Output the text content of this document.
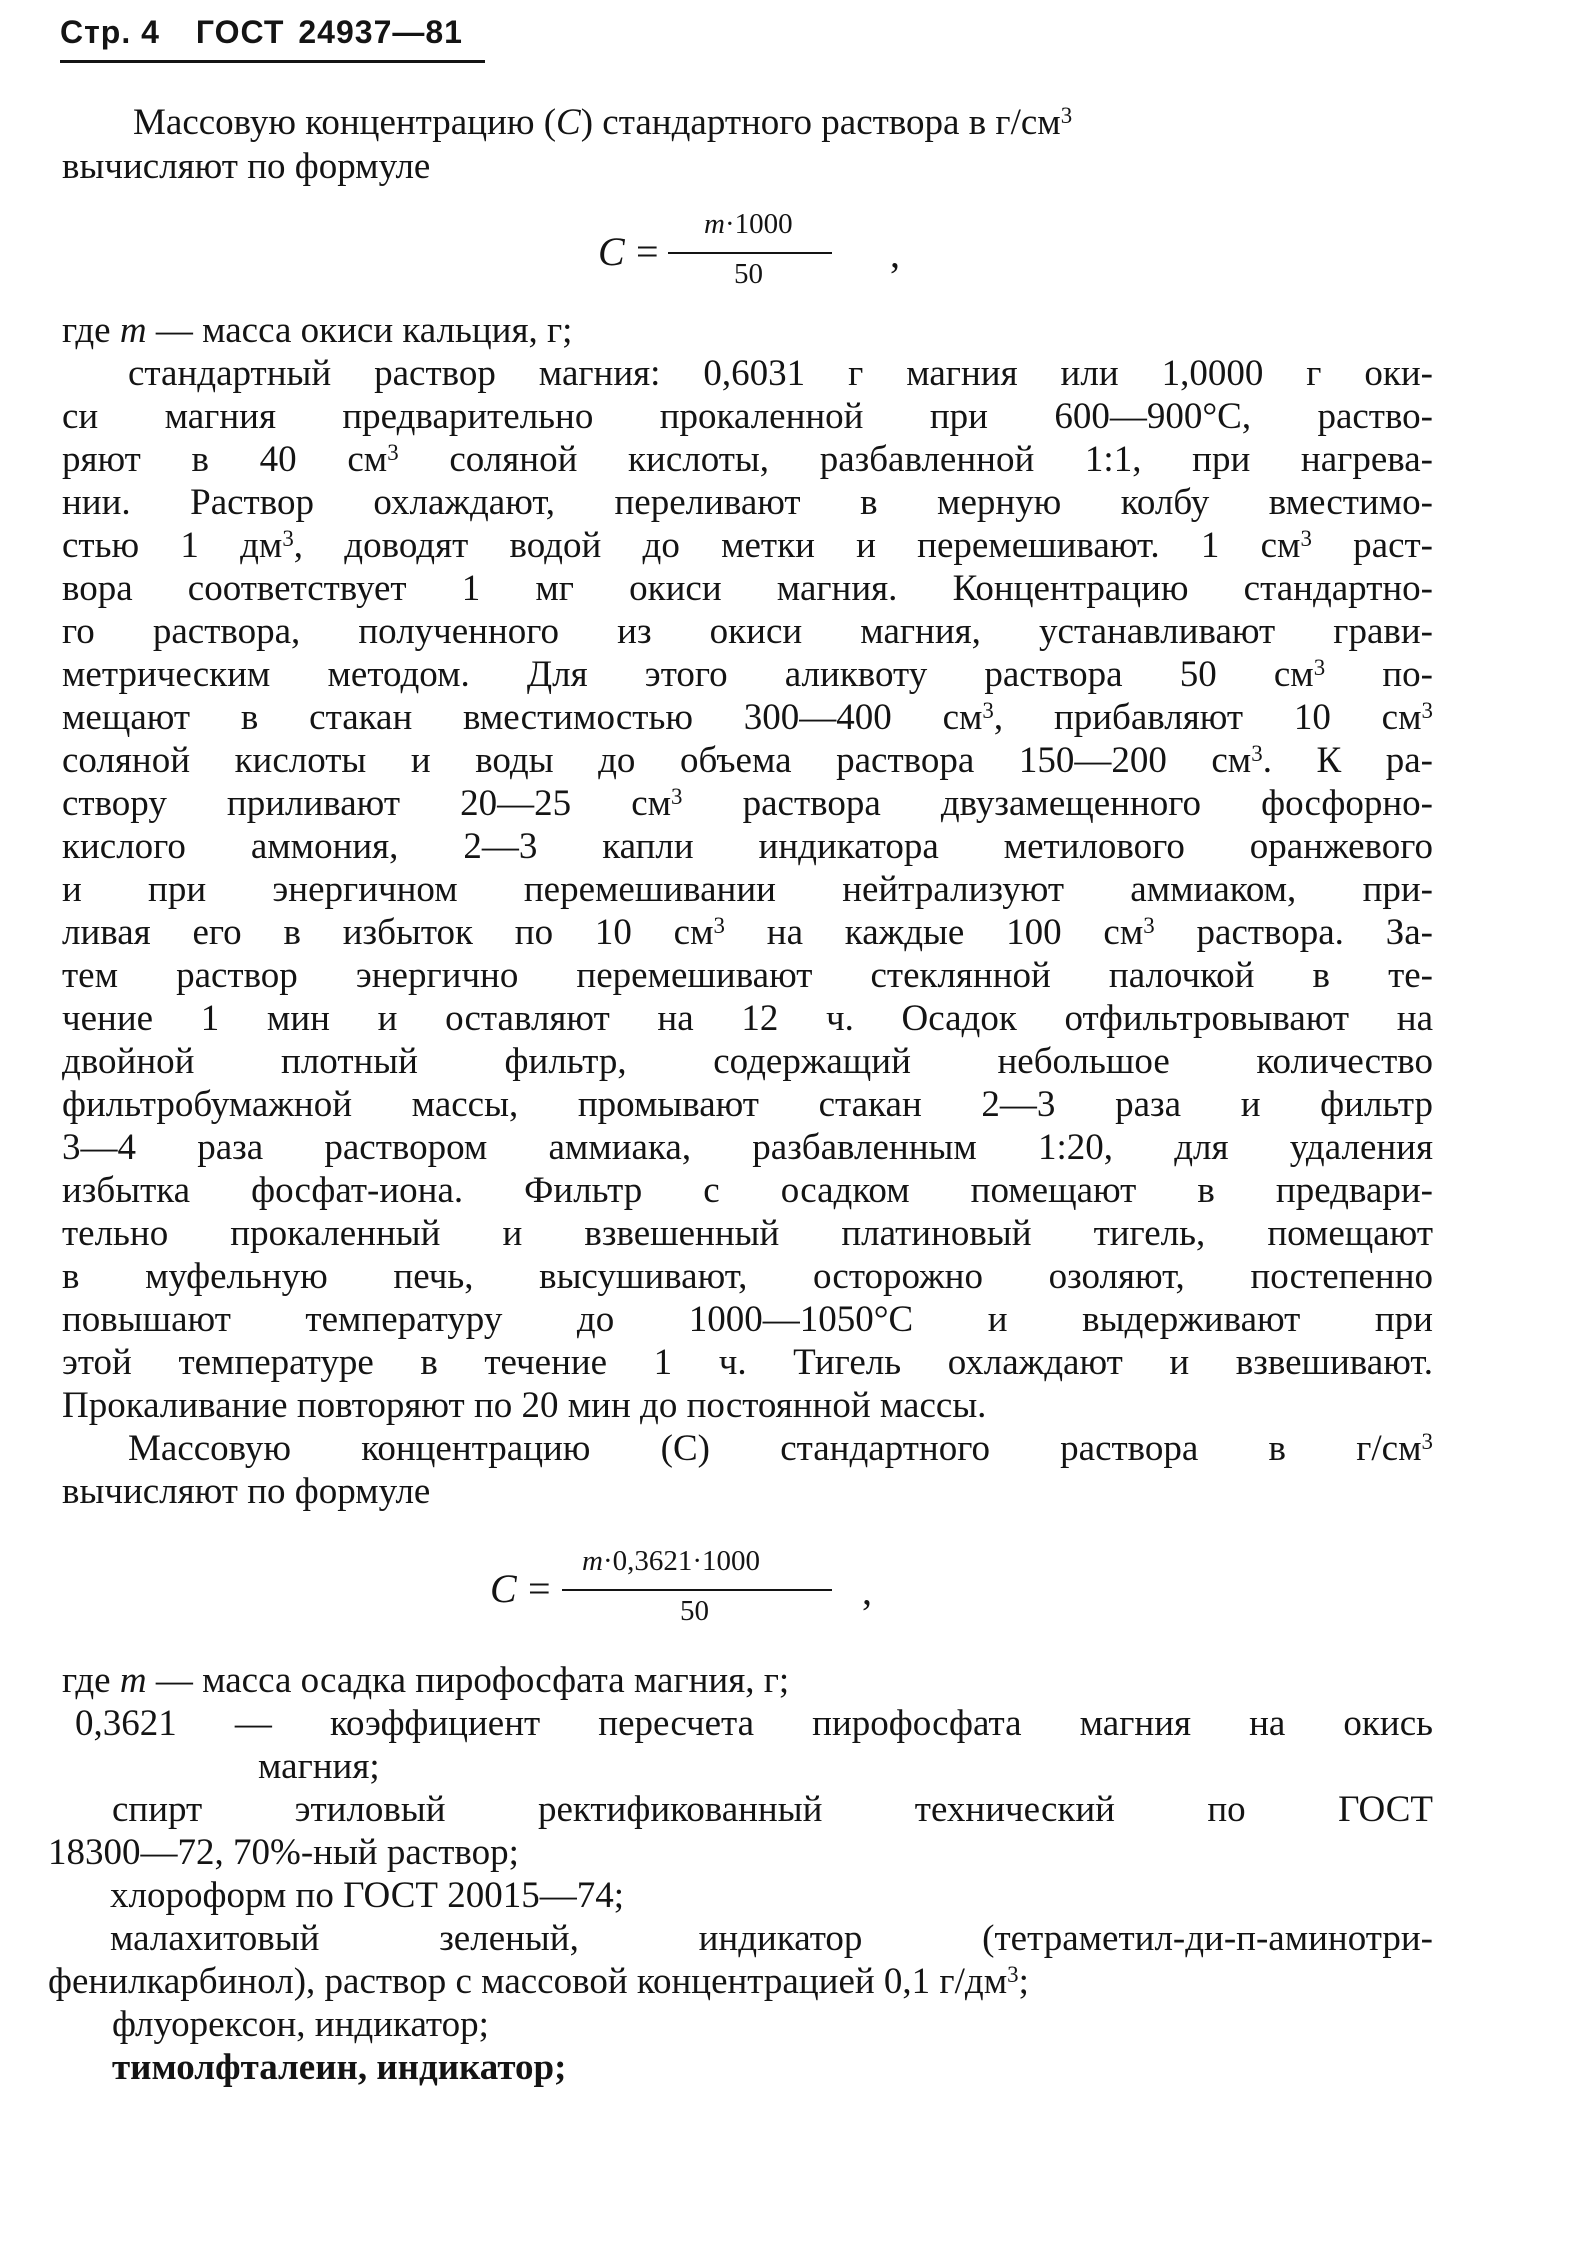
Стр. 4 ГОСТ 24937—81
Массовую концентрацию (С) стандартного раствора в $г/см^3$
вычисляют по формуле
C =
m·1000
50	,
где m — масса окиси кальция, г;
стандартный раствор магния: 0,6031 г магния или 1,0000 г оки-
си магния предварительно прокаленной при 600—900°С, раство-
ряют в 40 $см^3$ соляной кислоты, разбавленной 1:1, при нагрева-
нии. Раствор охлаждают, переливают в мерную колбу вместимо-
стью 1 $дм^3$, доводят водой до метки и перемешивают. 1 $см^3$ раст-
вора соответствует 1 мг окиси магния. Концентрацию стандартно-
го раствора, полученного из окиси магния, устанавливают грави-
метрическим методом. Для этого аликвоту раствора 50 $см^3$ по-
мещают в стакан вместимостью 300—400 $см^3$, прибавляют 10 $см^3$
соляной кислоты и воды до объема раствора 150—200 $см^3$. К ра-
створу приливают 20—25 $см^3$ раствора двузамещенного фосфорно-
кислого аммония, 2—3 капли индикатора метилового оранжевого
и при энергичном перемешивании нейтрализуют аммиаком, при-
ливая его в избыток по 10 $см^3$ на каждые 100 $см^3$ раствора. За-
тем раствор энергично перемешивают стеклянной палочкой в те-
чение 1 мин и оставляют на 12 ч. Осадок отфильтровывают на
двойной плотный фильтр, содержащий небольшое количество
фильтробумажной массы, промывают стакан 2—3 раза и фильтр
3—4 раза раствором аммиака, разбавленным 1:20, для удаления
избытка фосфат-иона. Фильтр с осадком помещают в предвари-
тельно прокаленный и взвешенный платиновый тигель, помещают
в муфельную печь, высушивают, осторожно озоляют, постепенно
повышают температуру до 1000—1050°С и выдерживают при
этой температуре в течение 1 ч. Тигель охлаждают и взвешивают.
Прокаливание повторяют по 20 мин до постоянной массы.
Массовую концентрацию (С) стандартного раствора в $г/см^3$
вычисляют по формуле
C =
m·0,3621·1000
50	,
где m — масса осадка пирофосфата магния, г;
0,3621 — коэффициент пересчета пирофосфата магния на окись
магния;
спирт этиловый ректификованный технический по ГОСТ
18300—72, 70%-ный раствор;
хлороформ по ГОСТ 20015—74;
малахитовый зеленый, индикатор (тетраметил-ди-п-аминотри-
фенилкарбинол), раствор с массовой концентрацией 0,1 $г/дм^3$;
флуорексон, индикатор;
тимолфталеин, индикатор;
